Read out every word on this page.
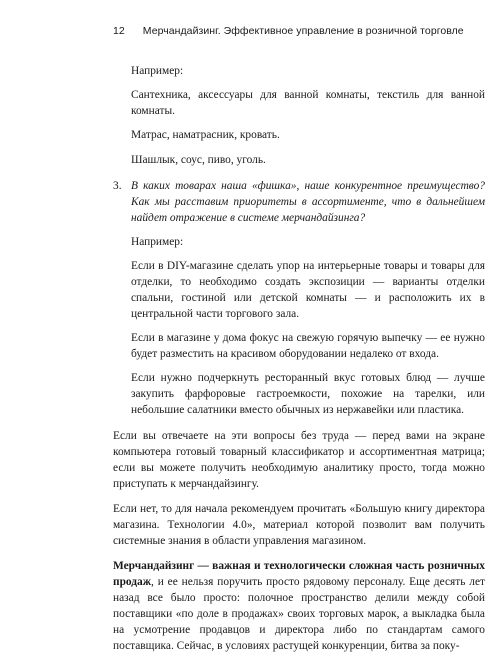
12 Мерчандайзинг. Эффективное управление в розничной торговле

Например:

Сантехника, аксессуары для ванной комнаты, текстиль для ванной комнаты.

Матрас, наматрасник, кровать.

Шашлык, соус, пиво, уголь.

3. В каких товарах наша «фишка», наше конкурентное преимущество? Как мы расставим приоритеты в ассортименте, что в дальнейшем найдет отражение в системе мерчандайзинга?

Например:

Если в DIY-магазине сделать упор на интерьерные товары и товары для отделки, то необходимо создать экспозиции — варианты отделки спальни, гостиной или детской комнаты — и расположить их в центральной части торгового зала.

Если в магазине у дома фокус на свежую горячую выпечку — ее нужно будет разместить на красивом оборудовании недалеко от входа.

Если нужно подчеркнуть ресторанный вкус готовых блюд — лучше закупить фарфоровые гастроемкости, похожие на тарелки, или небольшие салатники вместо обычных из нержавейки или пластика.

Если вы отвечаете на эти вопросы без труда — перед вами на экране компьютера готовый товарный классификатор и ассортиментная матрица; если вы можете получить необходимую аналитику просто, тогда можно приступать к мерчандайзингу.

Если нет, то для начала рекомендуем прочитать «Большую книгу директора магазина. Технологии 4.0», материал которой позволит вам получить системные знания в области управления магазином.

Мерчандайзинг — важная и технологически сложная часть розничных продаж, и ее нельзя поручить просто рядовому персоналу. Еще десять лет назад все было просто: полочное пространство делили между собой поставщики «по доле в продажах» своих торговых марок, а выкладка была на усмотрение продавцов и директора либо по стандартам самого поставщика. Сейчас, в условиях растущей конкуренции, битва за поку-
